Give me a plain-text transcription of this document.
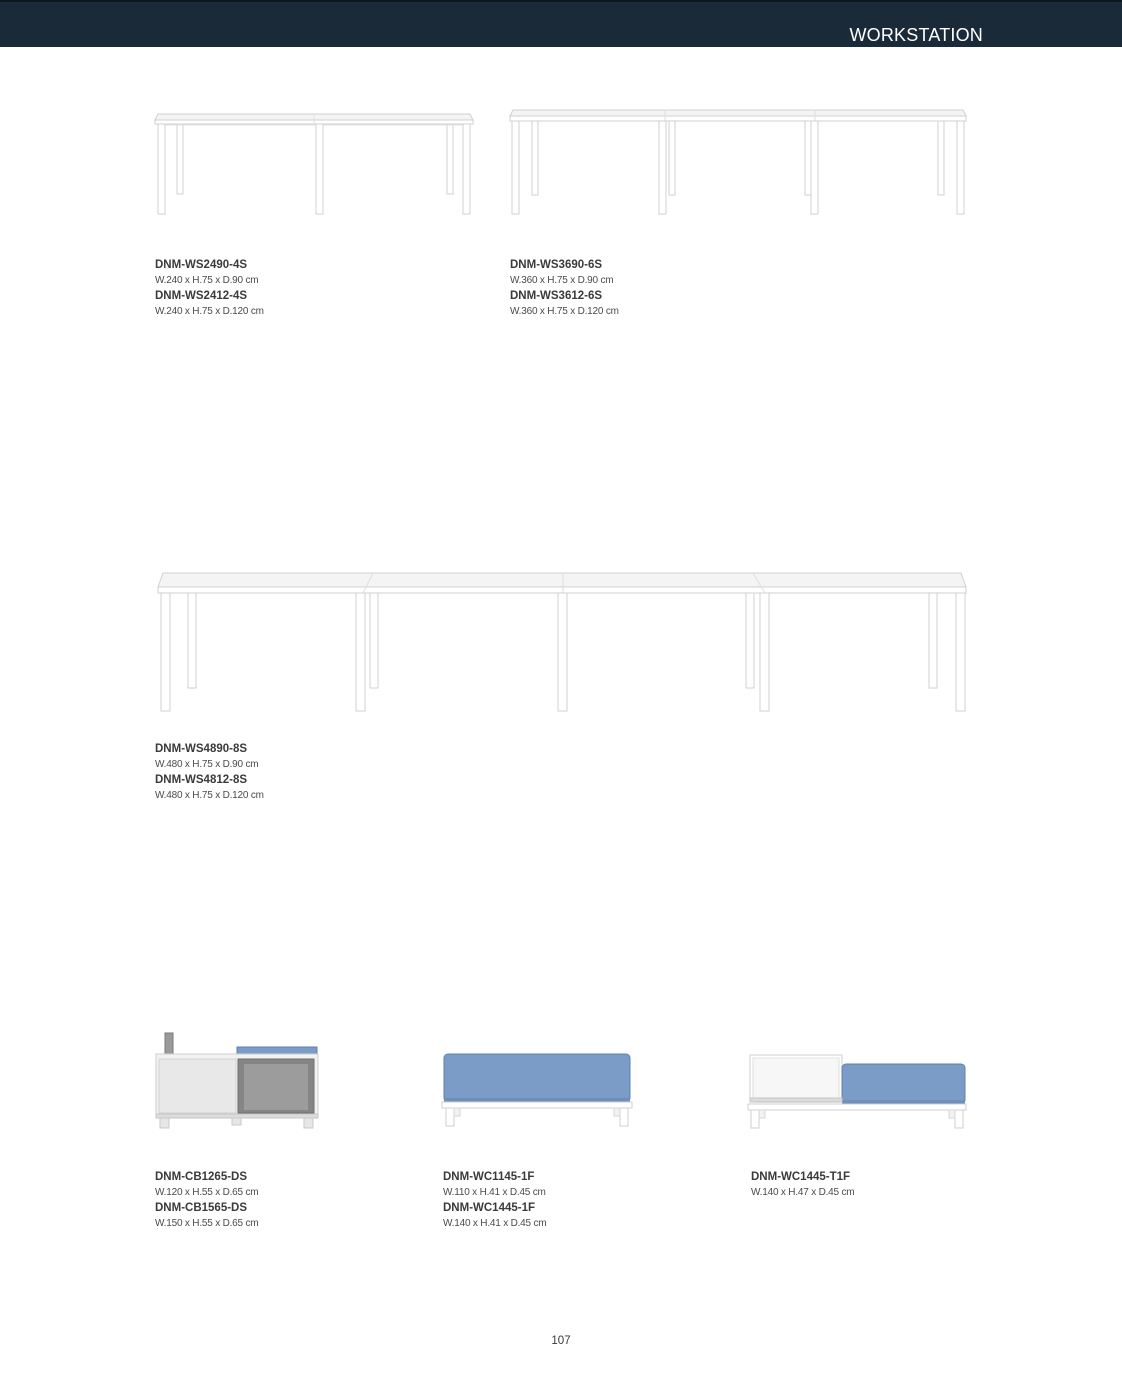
WORKSTATION
DNM-WS2490-4S
W.240 x H.75 x D.90 cm
DNM-WS2412-4S
W.240 x H.75 x D.120 cm
DNM-WS3690-6S
W.360 x H.75 x D.90 cm
DNM-WS3612-6S
W.360 x H.75 x D.120 cm
DNM-WS4890-8S
W.480 x H.75 x D.90 cm
DNM-WS4812-8S
W.480 x H.75 x D.120 cm
DNM-CB1265-DS
W.120 x H.55 x D.65 cm
DNM-CB1565-DS
W.150 x H.55 x D.65 cm
DNM-WC1145-1F
W.110 x H.41 x D.45 cm
DNM-WC1445-1F
W.140 x H.41 x D.45 cm
DNM-WC1445-T1F
W.140 x H.47 x D.45 cm
107
